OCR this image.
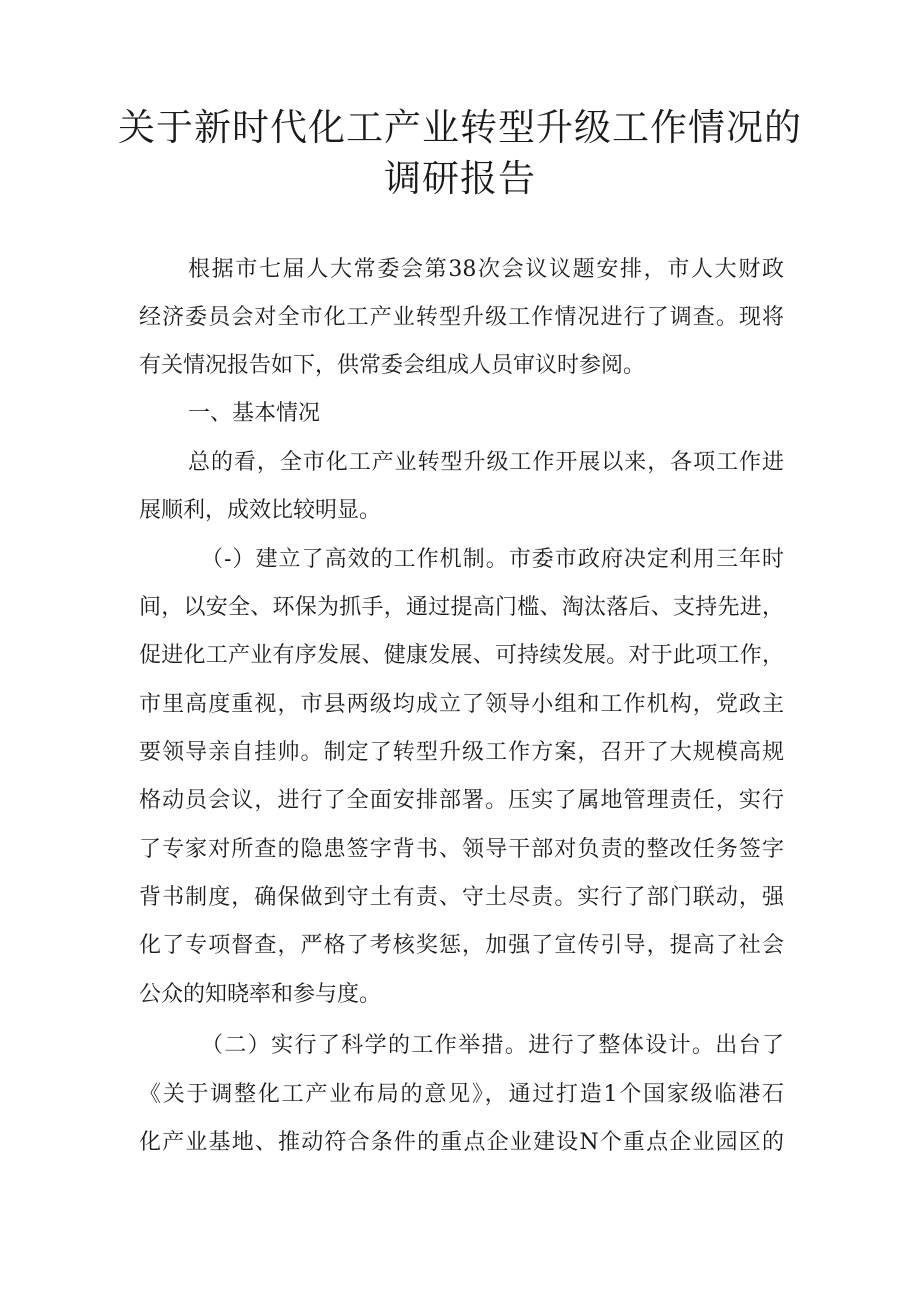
关于新时代化工产业转型升级工作情况的
调研报告
根据市七届人大常委会第38次会议议题安排，市人大财政
经济委员会对全市化工产业转型升级工作情况进行了调查。现将
有关情况报告如下，供常委会组成人员审议时参阅。
一、基本情况
总的看，全市化工产业转型升级工作开展以来，各项工作进
展顺利，成效比较明显。
（-）建立了高效的工作机制。市委市政府决定利用三年时
间，以安全、环保为抓手，通过提高门槛、淘汰落后、支持先进，
促进化工产业有序发展、健康发展、可持续发展。对于此项工作，
市里高度重视，市县两级均成立了领导小组和工作机构，党政主
要领导亲自挂帅。制定了转型升级工作方案，召开了大规模高规
格动员会议，进行了全面安排部署。压实了属地管理责任，实行
了专家对所查的隐患签字背书、领导干部对负责的整改任务签字
背书制度，确保做到守土有责、守土尽责。实行了部门联动，强
化了专项督查，严格了考核奖惩，加强了宣传引导，提高了社会
公众的知晓率和参与度。
（二）实行了科学的工作举措。进行了整体设计。出台了
《关于调整化工产业布局的意见》，通过打造1个国家级临港石
化产业基地、推动符合条件的重点企业建设N个重点企业园区的
